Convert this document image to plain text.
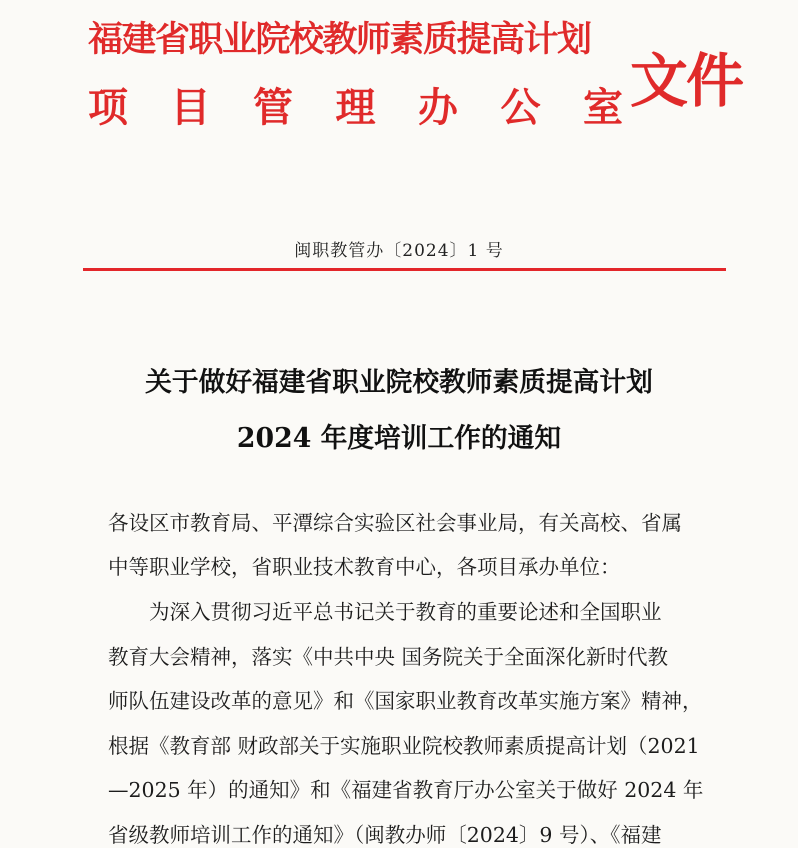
福建省职业院校教师素质提高计划
项 目 管 理 办 公 室 文件
闽职教管办〔2024〕1 号
关于做好福建省职业院校教师素质提高计划
2024 年度培训工作的通知
各设区市教育局、平潭综合实验区社会事业局，有关高校、省属
中等职业学校，省职业技术教育中心，各项目承办单位：
为深入贯彻习近平总书记关于教育的重要论述和全国职业
教育大会精神，落实《中共中央 国务院关于全面深化新时代教
师队伍建设改革的意见》和《国家职业教育改革实施方案》精神，
根据《教育部 财政部关于实施职业院校教师素质提高计划（2021
—2025 年）的通知》和《福建省教育厅办公室关于做好 2024 年
省级教师培训工作的通知》（闽教办师〔2024〕9 号）、《福建
